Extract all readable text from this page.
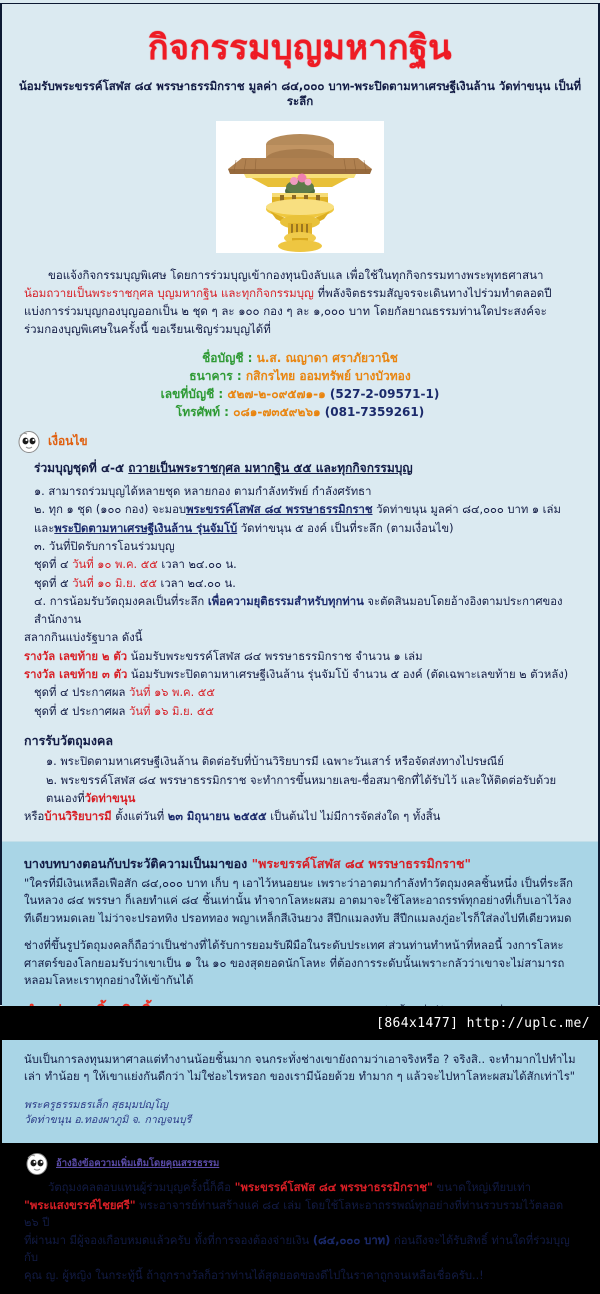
กิจกรรมบุญมหากฐิน
น้อมรับพระขรรค์โสฬส ๘๔ พรรษาธรรมิกราช มูลค่า ๘๔,๐๐๐ บาท-พระปิดตามหาเศรษฐีเงินล้าน วัดท่าขนุน เป็นที่ระลึก

ขอแจ้งกิจกรรมบุญพิเศษ โดยการร่วมบุญเข้ากองทุนบิงลับแล เพื่อใช้ในทุกกิจกรรมทางพระพุทธศาสนา

น้อมถวายเป็นพระราชกุศล บุญมหากฐิน และทุกกิจกรรมบุญ ที่พลังจิตธรรมสัญจรจะเดินทางไปร่วมทำตลอดปี

แบ่งการร่วมบุญกองบุญออกเป็น ๒ ชุด ๆ ละ ๑๐๐ กอง ๆ ละ ๑,๐๐๐ บาท โดยกัลยาณธรรมท่านใดประสงค์จะ

ร่วมกองบุญพิเศษในครั้งนี้ ขอเรียนเชิญร่วมบุญได้ที่

ชื่อบัญชี : น.ส. ณญาดา ศราภัยวานิช
ธนาคาร : กสิกรไทย ออมทรัพย์ บางบัวทอง
เลขที่บัญชี : ๕๒๗-๒-๐๙๕๗๑-๑ (527-2-09571-1)
โทรศัพท์ : ๐๘๑-๗๓๕๙๒๖๑ (081-7359261)
เงื่อนไข
ร่วมบุญชุดที่ ๔-๕ ถวายเป็นพระราชกุศล มหากฐิน ๕๕ และทุกกิจกรรมบุญ

๑. สามารถร่วมบุญได้หลายชุด หลายกอง ตามกำลังทรัพย์ กำลังศรัทธา

๒. ทุก ๑ ชุด (๑๐๐ กอง) จะมอบพระขรรค์โสฬส ๘๔ พรรษาธรรมิกราช วัดท่าขนุน มูลค่า ๘๔,๐๐๐ บาท ๑ เล่ม

และพระปิดตามหาเศรษฐีเงินล้าน รุ่นจัมโบ้ วัดท่าขนุน ๕ องค์ เป็นที่ระลึก (ตามเงื่อนไข)

๓. วันที่ปิดรับการโอนร่วมบุญ

ชุดที่ ๔ วันที่ ๑๐ พ.ค. ๕๕ เวลา ๒๔.๐๐ น.

ชุดที่ ๕ วันที่ ๑๐ มิ.ย. ๕๕ เวลา ๒๔.๐๐ น.

๔. การน้อมรับวัตถุมงคลเป็นที่ระลึก เพื่อความยุติธรรมสำหรับทุกท่าน จะตัดสินมอบโดยอ้างอิงตามประกาศของสำนักงาน

สลากกินแบ่งรัฐบาล ดังนี้

รางวัล เลขท้าย ๒ ตัว น้อมรับพระขรรค์โสฬส ๘๔ พรรษาธรรมิกราช จำนวน ๑ เล่ม

รางวัล เลขท้าย ๓ ตัว น้อมรับพระปิดตามหาเศรษฐีเงินล้าน รุ่นจัมโบ้ จำนวน ๕ องค์ (ตัดเฉพาะเลขท้าย ๒ ตัวหลัง)

ชุดที่ ๔ ประกาศผล วันที่ ๑๖ พ.ค. ๕๕

ชุดที่ ๕ ประกาศผล วันที่ ๑๖ มิ.ย. ๕๕

การรับวัตถุมงคล

๑. พระปิดตามหาเศรษฐีเงินล้าน ติดต่อรับที่บ้านวิริยบารมี เฉพาะวันเสาร์ หรือจัดส่งทางไปรษณีย์

๒. พระขรรค์โสฬส ๘๔ พรรษาธรรมิกราช จะทำการขึ้นหมายเลข-ชื่อสมาชิกที่ได้รับไว้ และให้ติดต่อรับด้วยตนเองที่วัดท่าขนุน

หรือบ้านวิริยบารมี ตั้งแต่วันที่ ๒๓ มิถุนายน ๒๕๕๕ เป็นต้นไป ไม่มีการจัดส่งใด ๆ ทั้งสิ้น

บางบทบางตอนกับประวัติความเป็นมาของ "พระขรรค์โสฬส ๘๔ พรรษาธรรมิกราช"

"ใครที่มีเงินเหลือเฟือสัก ๘๔,๐๐๐ บาท เก็บ ๆ เอาไว้หนอยนะ เพราะว่าอาตมากำลังทำวัตถุมงคลชิ้นหนึ่ง เป็นที่ระลึกในหลวง ๘๔ พรรษา ก็เลยทำแค่ ๘๔ ชิ้นเท่านั้น ทำจากโลหะผสม อาตมาจะใช้โลหะอาถรรพ์ทุกอย่างที่เก็บเอาไว้ลงทีเดียวหมดเลย ไม่ว่าจะปรอททิง ปรอททอง พญาเหล็กสีเงินยวง สีปีกแมลงทับ สีปีกแมลงภู่อะไรก็ใส่ลงไปทีเดียวหมด

ช่างที่ขึ้นรูปวัตถุมงคลก็ถือว่าเป็นช่างที่ได้รับการยอมรับฝีมือในระดับประเทศ ส่วนท่านทำหน้าที่หลอนี้ วงการโลหะศาสตร์ของโลกยอมรับว่าเขาเป็น ๑ ใน ๑๐ ของสุดยอดนักโลหะ ที่ต้องการระดับนั้นเพราะกลัวว่าเขาจะไม่สามารถหลอมโลหะเราทุกอย่างให้เข้ากันได้

นับเป็นการลงทุนมหาศาลแต่ทำงานน้อยชิ้นมาก จนกระทั่งช่างเขายังถามว่าเอาจริงหรือ ? จริงสิ.. จะทำมากไปทำไมเล่า ทำน้อย ๆ ให้เขาแย่งกันดีกว่า ไม่ใช่อะไรหรอก ของเรามีน้อยด้วย ทำมาก ๆ แล้วจะไปหาโลหะผสมได้สักเท่าไร"

พระครูธรรมธรเล็ก สุธมฺมปญฺโญ
วัดท่าขนุน อ.ทองผาภูมิ จ. กาญจนบุรี
อ้างอิงข้อความเพิ่มเติมโดยคุณสรรธรรม

วัตถุมงคลตอบแทนผู้ร่วมบุญครั้งนี้ก็คือ "พระขรรค์โสฬส ๘๔ พรรษาธรรมิกราช" ขนาดใหญ่เทียบเท่า

"พระแสงขรรค์ไชยศรี" พระอาจารย์ท่านสร้างแค่ ๘๔ เล่ม โดยใช้โลหะอาถรรพณ์ทุกอย่างที่ท่านรวบรวมไว้ตลอด ๒๖ ปี

ที่ผ่านมา มีผู้จองเกือบหมดแล้วครับ ทั้งที่การจองต้องจ่ายเงิน (๘๔,๐๐๐ บาท) ก่อนถึงจะได้รับสิทธิ์ ท่านใดที่ร่วมบุญกับ

คุณ ญ. ผู้หญิง ในกระทู้นี้ ถ้าถูกรางวัลก็อว่าท่านได้สุดยอดของดีไปในราคาถูกจนเหลือเชื่อครับ..!

[864x1477] http://uplc.me/
